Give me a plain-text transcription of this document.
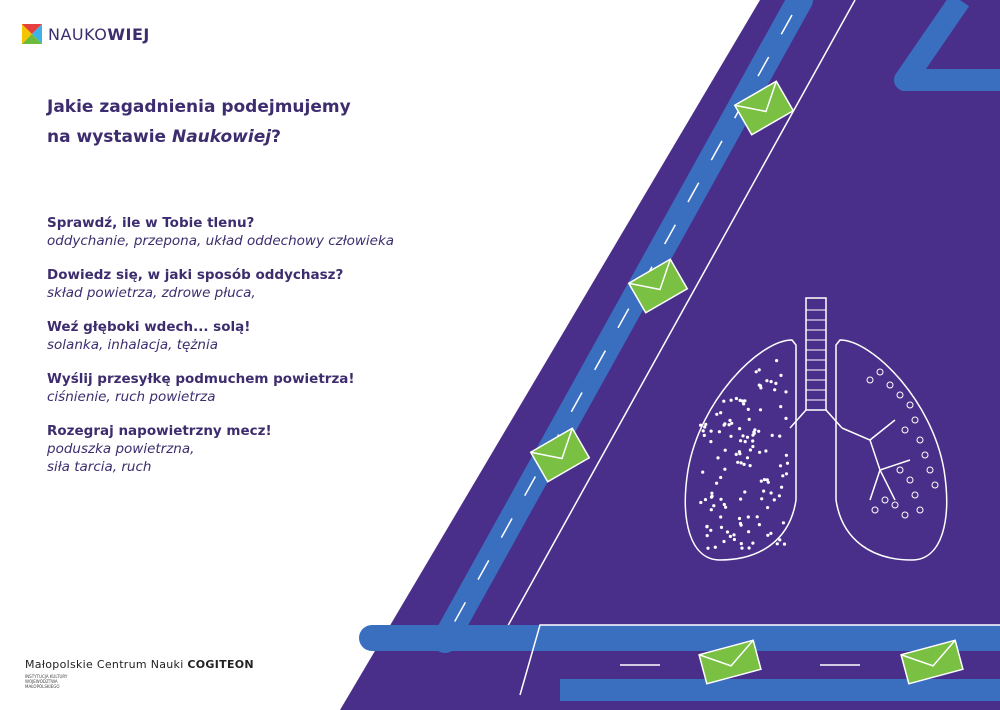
NAUKOWIEJ
Jakie zagadnienia podejmujemy
na wystawie Naukowiej?
Sprawdź, ile w Tobie tlenu?
oddychanie, przepona, układ oddechowy człowieka
Dowiedz się, w jaki sposób oddychasz?
skład powietrza, zdrowe płuca,
Weź głęboki wdech... solą!
solanka, inhalacja, tężnia
Wyślij przesyłkę podmuchem powietrza!
ciśnienie, ruch powietrza
Rozegraj napowietrzny mecz!
poduszka powietrzna,
siła tarcia, ruch
Małopolskie Centrum Nauki COGITEON
INSTYTUCJA KULTURY WOJEWÓDZTWA MAŁOPOLSKIEGO
